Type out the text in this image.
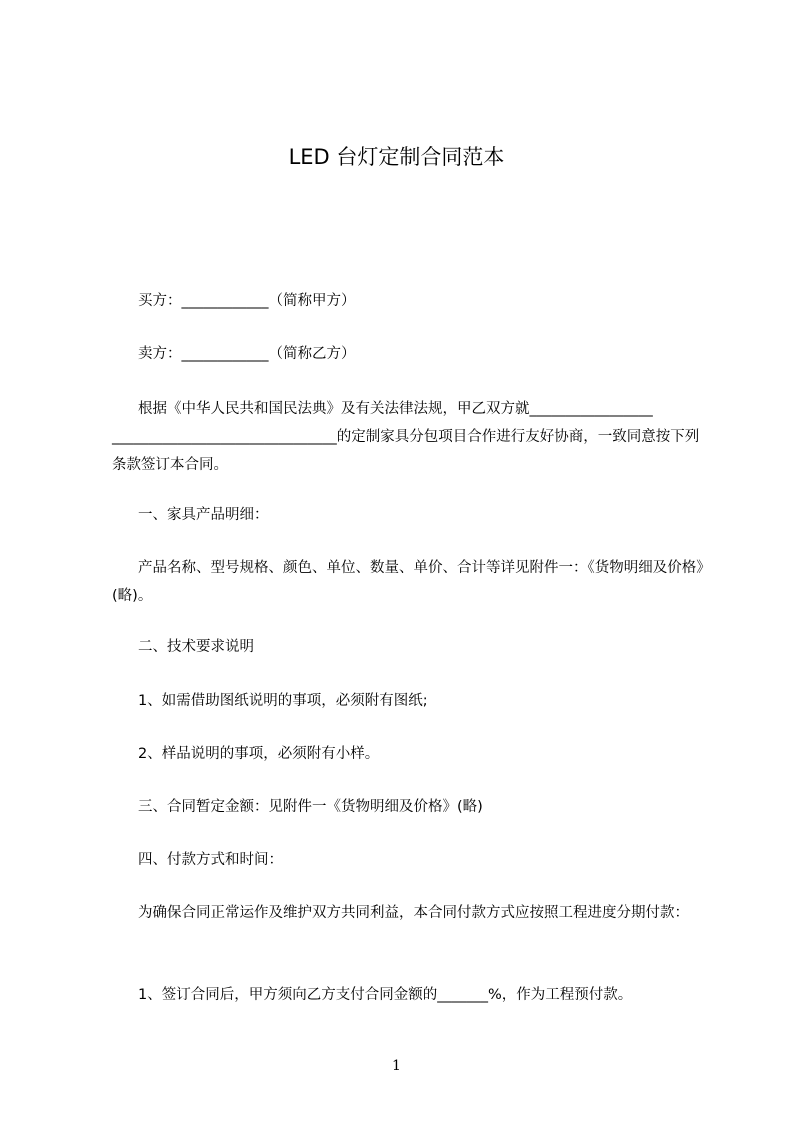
LED 台灯定制合同范本

买方：____________（简称甲方）

卖方：____________（简称乙方）

根据《中华人民共和国民法典》及有关法律法规，甲乙双方就_________________ _______________________________的定制家具分包项目合作进行友好协商，一致同意按下列条款签订本合同。

一、家具产品明细：

产品名称、型号规格、颜色、单位、数量、单价、合计等详见附件一：《货物明细及价格》(略)。

二、技术要求说明

1、如需借助图纸说明的事项，必须附有图纸;

2、样品说明的事项，必须附有小样。

三、合同暂定金额：见附件一《货物明细及价格》(略)

四、付款方式和时间：

为确保合同正常运作及维护双方共同利益，本合同付款方式应按照工程进度分期付款：

1、签订合同后，甲方须向乙方支付合同金额的_______%，作为工程预付款。

1
